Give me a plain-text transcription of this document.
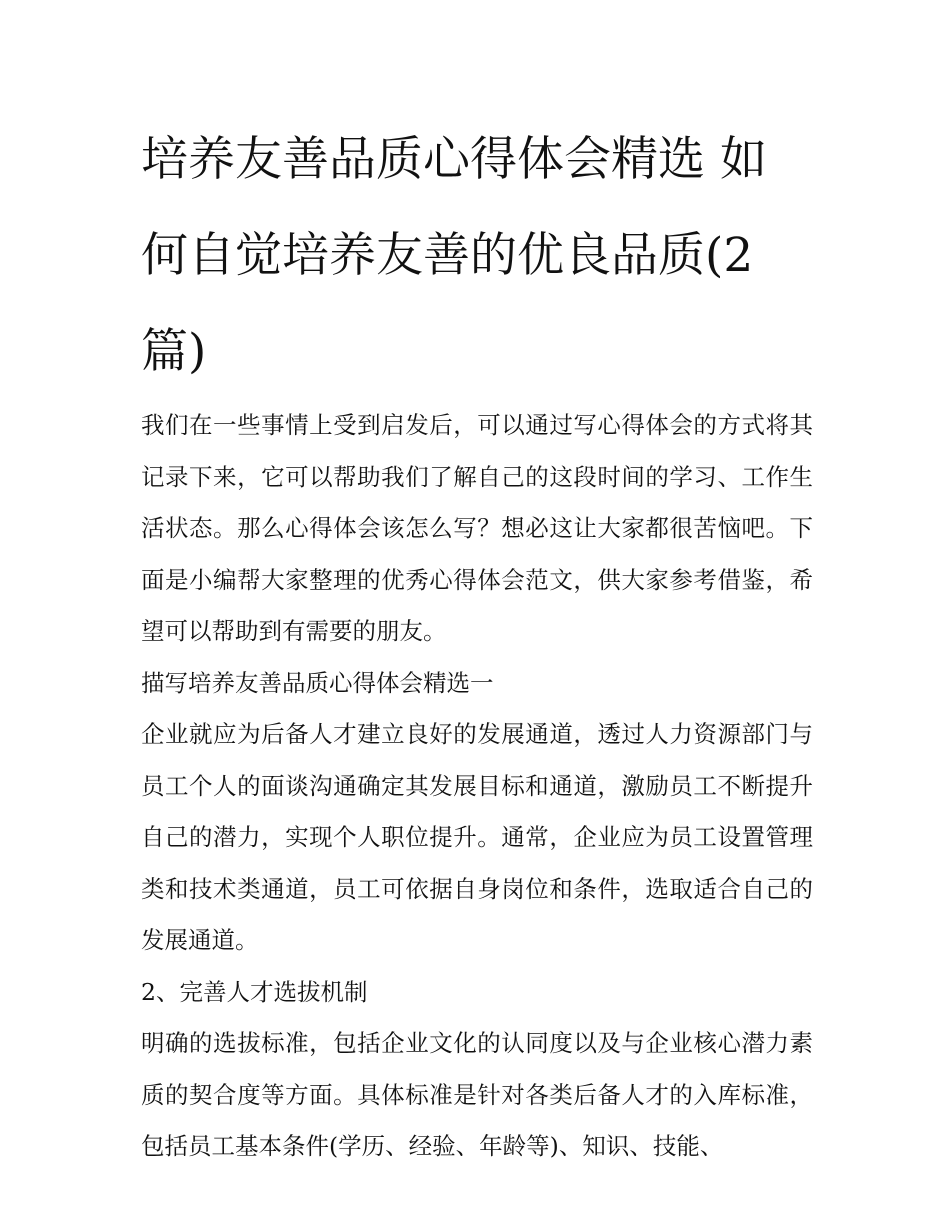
培养友善品质心得体会精选 如何自觉培养友善的优良品质(2篇)

我们在一些事情上受到启发后，可以通过写心得体会的方式将其记录下来，它可以帮助我们了解自己的这段时间的学习、工作生活状态。那么心得体会该怎么写？想必这让大家都很苦恼吧。下面是小编帮大家整理的优秀心得体会范文，供大家参考借鉴，希望可以帮助到有需要的朋友。

描写培养友善品质心得体会精选一

企业就应为后备人才建立良好的发展通道，透过人力资源部门与员工个人的面谈沟通确定其发展目标和通道，激励员工不断提升自己的潜力，实现个人职位提升。通常，企业应为员工设置管理类和技术类通道，员工可依据自身岗位和条件，选取适合自己的发展通道。

2、完善人才选拔机制

明确的选拔标准，包括企业文化的认同度以及与企业核心潜力素质的契合度等方面。具体标准是针对各类后备人才的入库标准，包括员工基本条件(学历、经验、年龄等)、知识、技能、
